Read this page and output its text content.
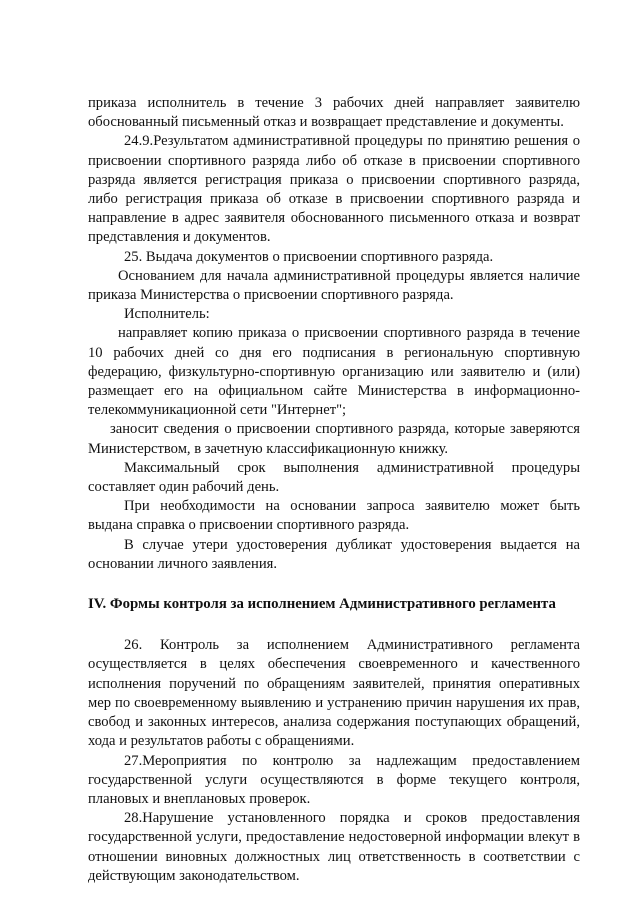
приказа исполнитель в течение 3 рабочих дней направляет заявителю обоснованный письменный отказ и возвращает представление и документы.

24.9.Результатом административной процедуры по принятию решения о присвоении спортивного разряда либо об отказе в присвоении спортивного разряда является регистрация приказа о присвоении спортивного разряда, либо регистрация приказа об отказе в присвоении спортивного разряда и направление в адрес заявителя обоснованного письменного отказа и возврат представления и документов.

25. Выдача документов о присвоении спортивного разряда.

Основанием для начала административной процедуры является наличие приказа Министерства о присвоении спортивного разряда.

Исполнитель:

направляет копию приказа о присвоении спортивного разряда в течение 10 рабочих дней со дня его подписания в региональную спортивную федерацию, физкультурно-спортивную организацию или заявителю и (или) размещает его на официальном сайте Министерства в информационно-телекоммуникационной сети "Интернет";

заносит сведения о присвоении спортивного разряда, которые заверяются Министерством, в зачетную классификационную книжку.

Максимальный срок выполнения административной процедуры составляет один рабочий день.

При необходимости на основании запроса заявителю может быть выдана справка о присвоении спортивного разряда.

В случае утери удостоверения дубликат удостоверения выдается на основании личного заявления.

IV. Формы контроля за исполнением Административного регламента

26. Контроль за исполнением Административного регламента осуществляется в целях обеспечения своевременного и качественного исполнения поручений по обращениям заявителей, принятия оперативных мер по своевременному выявлению и устранению причин нарушения их прав, свобод и законных интересов, анализа содержания поступающих обращений, хода и результатов работы с обращениями.

27.Мероприятия по контролю за надлежащим предоставлением государственной услуги осуществляются в форме текущего контроля, плановых и внеплановых проверок.

28.Нарушение установленного порядка и сроков предоставления государственной услуги, предоставление недостоверной информации влекут в отношении виновных должностных лиц ответственность в соответствии с действующим законодательством.
